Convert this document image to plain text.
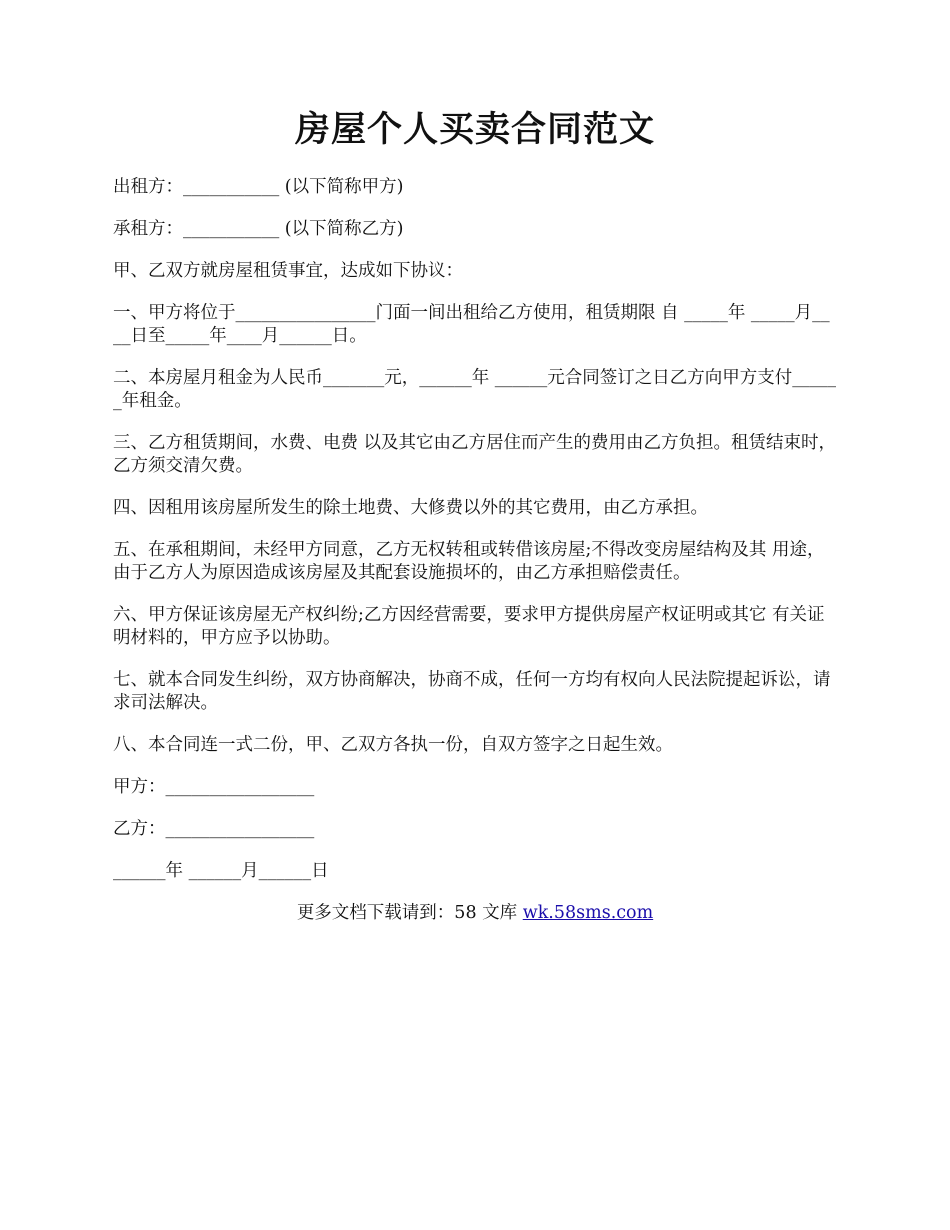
房屋个人买卖合同范文

出租方：___________ (以下简称甲方)

承租方：___________ (以下简称乙方)

甲、乙双方就房屋租赁事宜，达成如下协议：

一、甲方将位于________________门面一间出租给乙方使用，租赁期限 自 _____年 _____月____日至_____年____月______日。

二、本房屋月租金为人民币_______元，______年 ______元合同签订之日乙方向甲方支付______年租金。

三、乙方租赁期间，水费、电费 以及其它由乙方居住而产生的费用由乙方负担。租赁结束时，乙方须交清欠费。

四、因租用该房屋所发生的除土地费、大修费以外的其它费用，由乙方承担。

五、在承租期间，未经甲方同意，乙方无权转租或转借该房屋;不得改变房屋结构及其 用途，由于乙方人为原因造成该房屋及其配套设施损坏的，由乙方承担赔偿责任。

六、甲方保证该房屋无产权纠纷;乙方因经营需要，要求甲方提供房屋产权证明或其它 有关证明材料的，甲方应予以协助。

七、就本合同发生纠纷，双方协商解决，协商不成，任何一方均有权向人民法院提起诉讼，请求司法解决。

八、本合同连一式二份，甲、乙双方各执一份，自双方签字之日起生效。

甲方：_________________

乙方：_________________

______年 ______月______日

更多文档下载请到：58 文库 wk.58sms.com
